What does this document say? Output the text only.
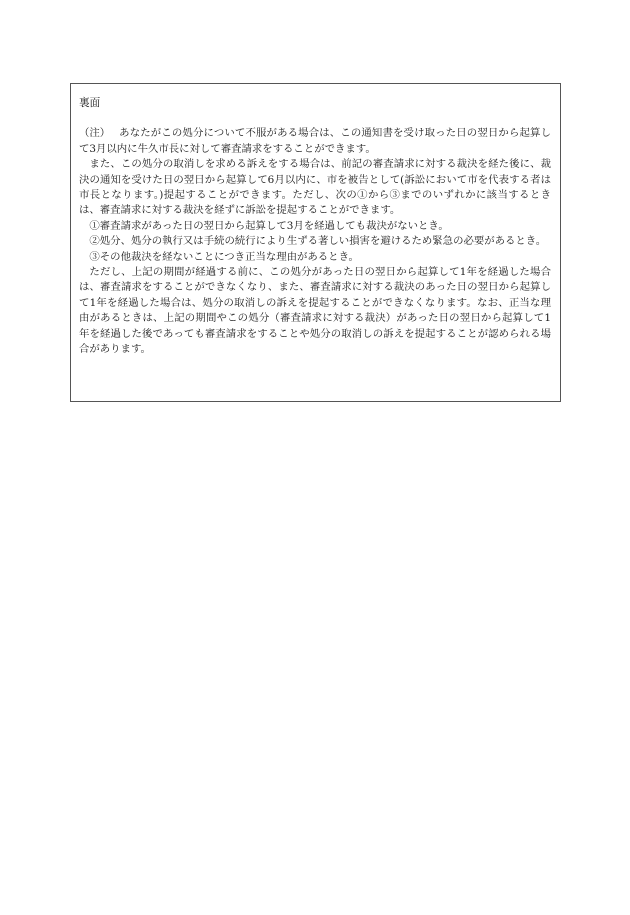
裏面

（注） あなたがこの処分について不服がある場合は、この通知書を受け取った日の翌日から起算して3月以内に牛久市長に対して審査請求をすることができます。

また、この処分の取消しを求める訴えをする場合は、前記の審査請求に対する裁決を経た後に、裁決の通知を受けた日の翌日から起算して6月以内に、市を被告として(訴訟において市を代表する者は市長となります。)提起することができます。ただし、次の①から③までのいずれかに該当するときは、審査請求に対する裁決を経ずに訴訟を提起することができます。

①審査請求があった日の翌日から起算して3月を経過しても裁決がないとき。

②処分、処分の執行又は手続の続行により生ずる著しい損害を避けるため緊急の必要があるとき。

③その他裁決を経ないことにつき正当な理由があるとき。

ただし、上記の期間が経過する前に、この処分があった日の翌日から起算して1年を経過した場合は、審査請求をすることができなくなり、また、審査請求に対する裁決のあった日の翌日から起算して1年を経過した場合は、処分の取消しの訴えを提起することができなくなります。なお、正当な理由があるときは、上記の期間やこの処分（審査請求に対する裁決）があった日の翌日から起算して1年を経過した後であっても審査請求をすることや処分の取消しの訴えを提起することが認められる場合があります。
